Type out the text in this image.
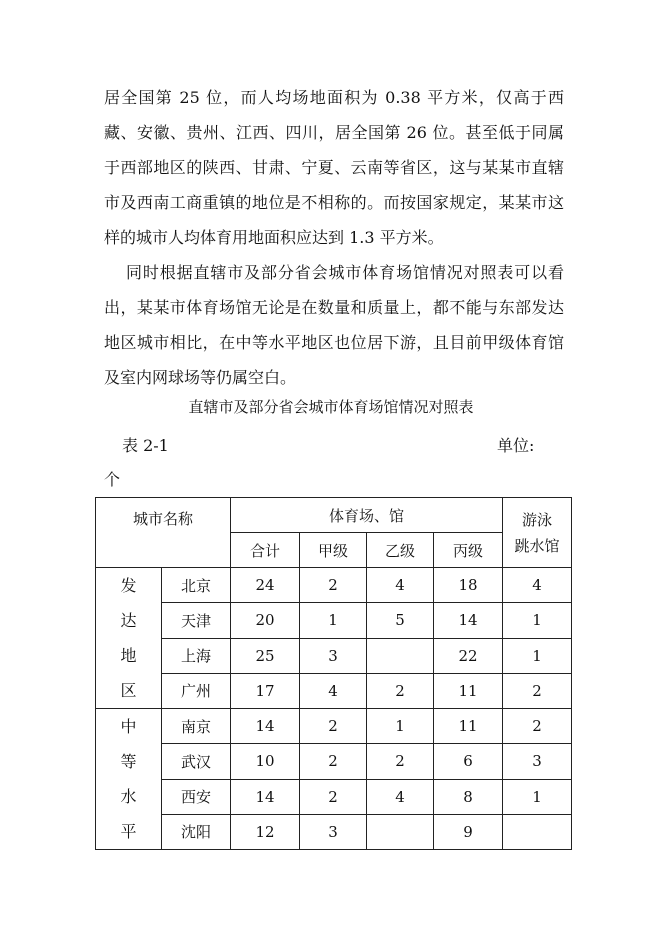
居全国第 25 位，而人均场地面积为 0.38 平方米，仅高于西藏、安徽、贵州、江西、四川，居全国第 26 位。甚至低于同属于西部地区的陕西、甘肃、宁夏、云南等省区，这与某某市直辖市及西南工商重镇的地位是不相称的。而按国家规定，某某市这样的城市人均体育用地面积应达到 1.3 平方米。

同时根据直辖市及部分省会城市体育场馆情况对照表可以看出，某某市体育场馆无论是在数量和质量上，都不能与东部发达地区城市相比，在中等水平地区也位居下游，且目前甲级体育馆及室内网球场等仍属空白。

直辖市及部分省会城市体育场馆情况对照表
表 2-1	单位:
个
城市名称		体育场、馆				游泳
跳水馆

		合计	甲级	乙级	丙级	

发
达
地
区	北京	24	2	4	18	4
	天津	20	1	5	14	1
	上海	25	3		22	1
	广州	17	4	2	11	2

中
等
水
平	南京	14	2	1	11	2
	武汉	10	2	2	6	3
	西安	14	2	4	8	1
	沈阳	12	3		9	
